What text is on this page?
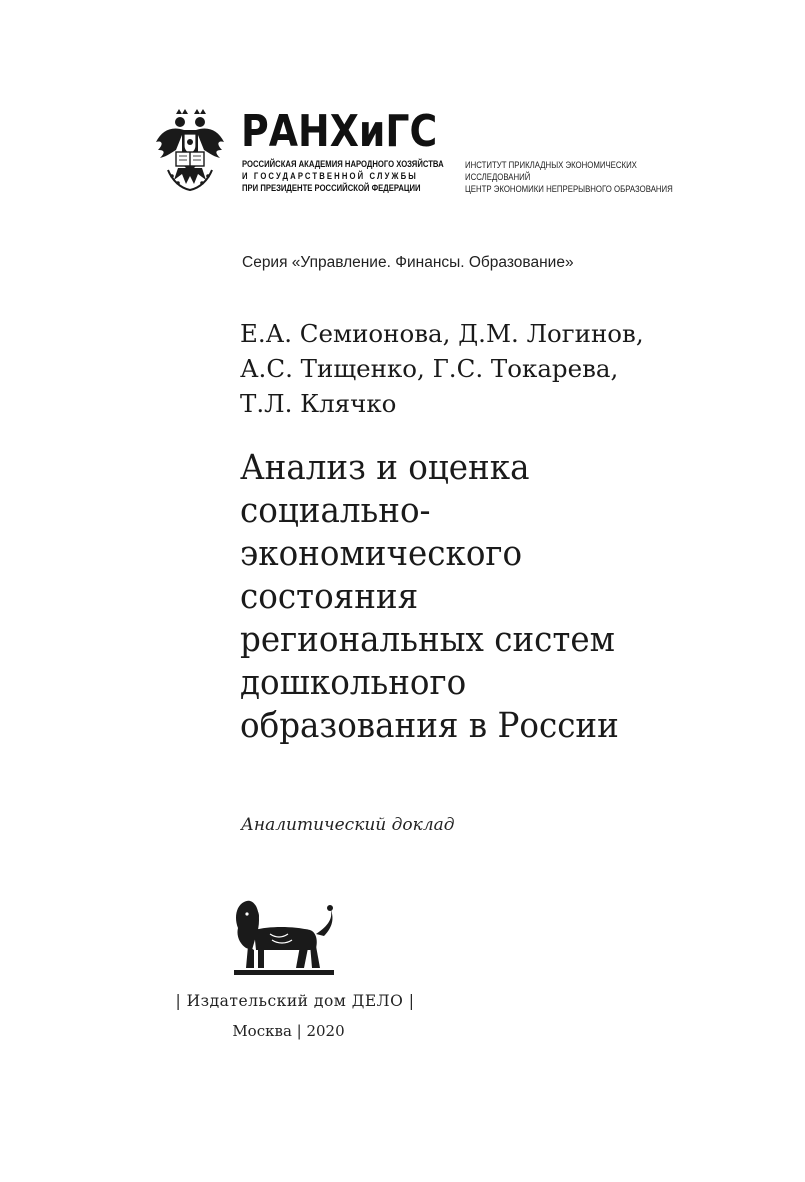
РАНХиГС
РОССИЙСКАЯ АКАДЕМИЯ НАРОДНОГО ХОЗЯЙСТВА
И ГОСУДАРСТВЕННОЙ СЛУЖБЫ
ПРИ ПРЕЗИДЕНТЕ РОССИЙСКОЙ ФЕДЕРАЦИИ
ИНСТИТУТ ПРИКЛАДНЫХ ЭКОНОМИЧЕСКИХ
ИССЛЕДОВАНИЙ
ЦЕНТР ЭКОНОМИКИ НЕПРЕРЫВНОГО ОБРАЗОВАНИЯ
Серия «Управление. Финансы. Образование»
Е.А. Семионова, Д.М. Логинов,
А.С. Тищенко, Г.С. Токарева,
Т.Л. Клячко
Анализ и оценка
социально-
экономического
состояния
региональных систем
дошкольного
образования в России
Аналитический доклад
| Издательский дом ДЕЛО |
Москва | 2020
